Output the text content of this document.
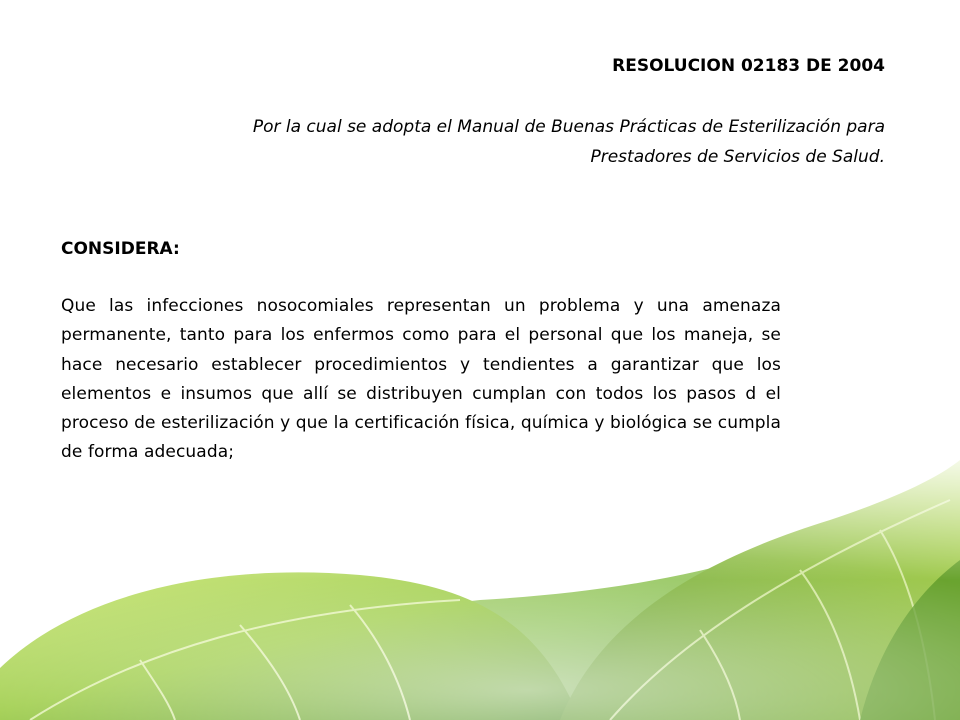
RESOLUCION 02183 DE 2004

Por la cual se adopta el Manual de Buenas Prácticas de Esterilización para Prestadores de Servicios de Salud.

CONSIDERA:

Que las infecciones nosocomiales representan un problema y una amenaza permanente, tanto para los enfermos como para el personal que los maneja, se hace necesario establecer procedimientos y tendientes a garantizar que los elementos e insumos que allí se distribuyen cumplan con todos los pasos d el proceso de esterilización y que la certificación física, química y biológica se cumpla de forma adecuada;
